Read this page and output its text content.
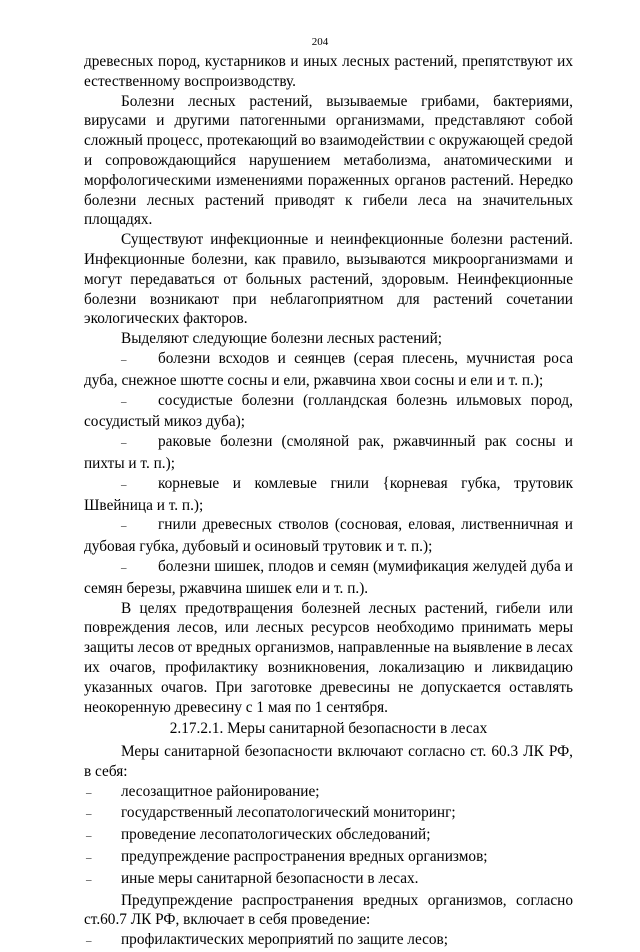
204

древесных пород, кустарников и иных лесных растений, препятствуют их естественному воспроизводству.

Болезни лесных растений, вызываемые грибами, бактериями, вирусами и другими патогенными организмами, представляют собой сложный процесс, протекающий во взаимодействии с окружающей средой и сопровождающийся нарушением метаболизма, анатомическими и морфологическими изменениями пораженных органов растений. Нередко болезни лесных растений приводят к гибели леса на значительных площадях.

Существуют инфекционные и неинфекционные болезни растений. Инфекционные болезни, как правило, вызываются микроорганизмами и могут передаваться от больных растений, здоровым. Неинфекционные болезни возникают при неблагоприятном для растений сочетании экологических факторов.

Выделяют следующие болезни лесных растений;

– болезни всходов и сеянцев (серая плесень, мучнистая роса дуба, снежное шютте сосны и ели, ржавчина хвои сосны и ели и т. п.);

– сосудистые болезни (голландская болезнь ильмовых пород, сосудистый микоз дуба);

– раковые болезни (смоляной рак, ржавчинный рак сосны и пихты и т. п.);

– корневые и комлевые гнили {корневая губка, трутовик Швейница и т. п.);

– гнили древесных стволов (сосновая, еловая, лиственничная и дубовая губка, дубовый и осиновый трутовик и т. п.);

– болезни шишек, плодов и семян (мумификация желудей дуба и семян березы, ржавчина шишек ели и т. п.).

В целях предотвращения болезней лесных растений, гибели или повреждения лесов, или лесных ресурсов необходимо принимать меры защиты лесов от вредных организмов, направленные на выявление в лесах их очагов, профилактику возникновения, локализацию и ликвидацию указанных очагов. При заготовке древесины не допускается оставлять неокоренную древесину с 1 мая по 1 сентября.

2.17.2.1. Меры санитарной безопасности в лесах

Меры санитарной безопасности включают согласно ст. 60.3 ЛК РФ, в себя:

– лесозащитное районирование;

– государственный лесопатологический мониторинг;

– проведение лесопатологических обследований;

– предупреждение распространения вредных организмов;

– иные меры санитарной безопасности в лесах.

Предупреждение распространения вредных организмов, согласно ст.60.7 ЛК РФ, включает в себя проведение:

– профилактических мероприятий по защите лесов;
